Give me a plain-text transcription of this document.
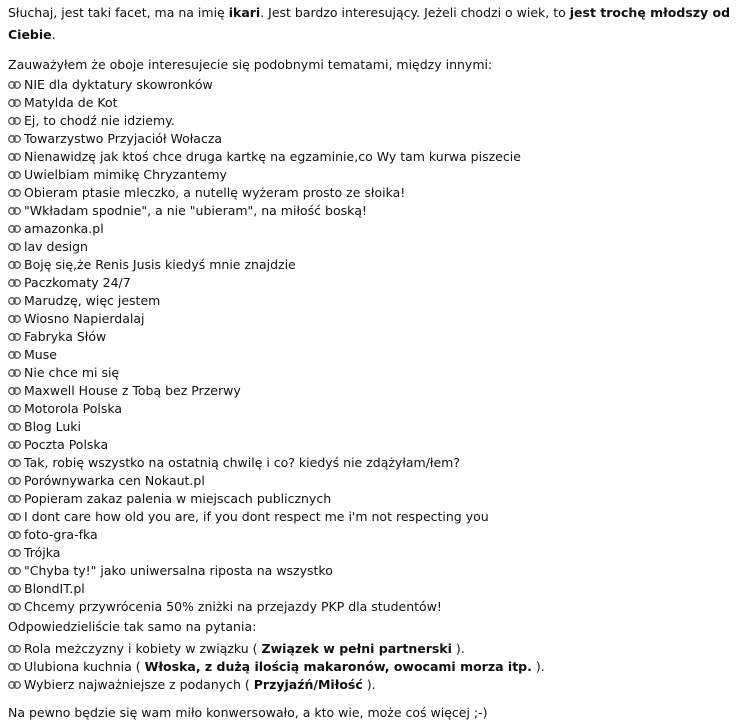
Słuchaj, jest taki facet, ma na imię ikari. Jest bardzo interesujący. Jeżeli chodzi o wiek, to jest trochę młodszy od Ciebie.

Zauważyłem że oboje interesujecie się podobnymi tematami, między innymi:

NIE dla dyktatury skowronków
Matylda de Kot
Ej, to chodź nie idziemy.
Towarzystwo Przyjaciół Wołacza
Nienawidzę jak ktoś chce druga kartkę na egzaminie,co Wy tam kurwa piszecie
Uwielbiam mimikę Chryzantemy
Obieram ptasie mleczko, a nutellę wyżeram prosto ze słoika!
"Wkładam spodnie", a nie "ubieram", na miłość boską!
amazonka.pl
lav design
Boję się,że Renis Jusis kiedyś mnie znajdzie
Paczkomaty 24/7
Marudzę, więc jestem
Wiosno Napierdalaj
Fabryka Słów
Muse
Nie chce mi się
Maxwell House z Tobą bez Przerwy
Motorola Polska
Blog Luki
Poczta Polska
Tak, robię wszystko na ostatnią chwilę i co? kiedyś nie zdążyłam/łem?
Porównywarka cen Nokaut.pl
Popieram zakaz palenia w miejscach publicznych
I dont care how old you are, if you dont respect me i'm not respecting you
foto-gra-fka
Trójka
"Chyba ty!" jako uniwersalna riposta na wszystko
BlondIT.pl
Chcemy przywrócenia 50% zniżki na przejazdy PKP dla studentów!

Odpowiedzieliście tak samo na pytania:

Rola meżczyzny i kobiety w związku (
Związek w pełni partnerski
).
Ulubiona kuchnia (
Włoska, z dużą ilością makaronów, owocami morza itp.
).
Wybierz najważniejsze z podanych (
Przyjaźń/Miłość
).

Na pewno będzie się wam miło konwersowało, a kto wie, może coś więcej ;-)
